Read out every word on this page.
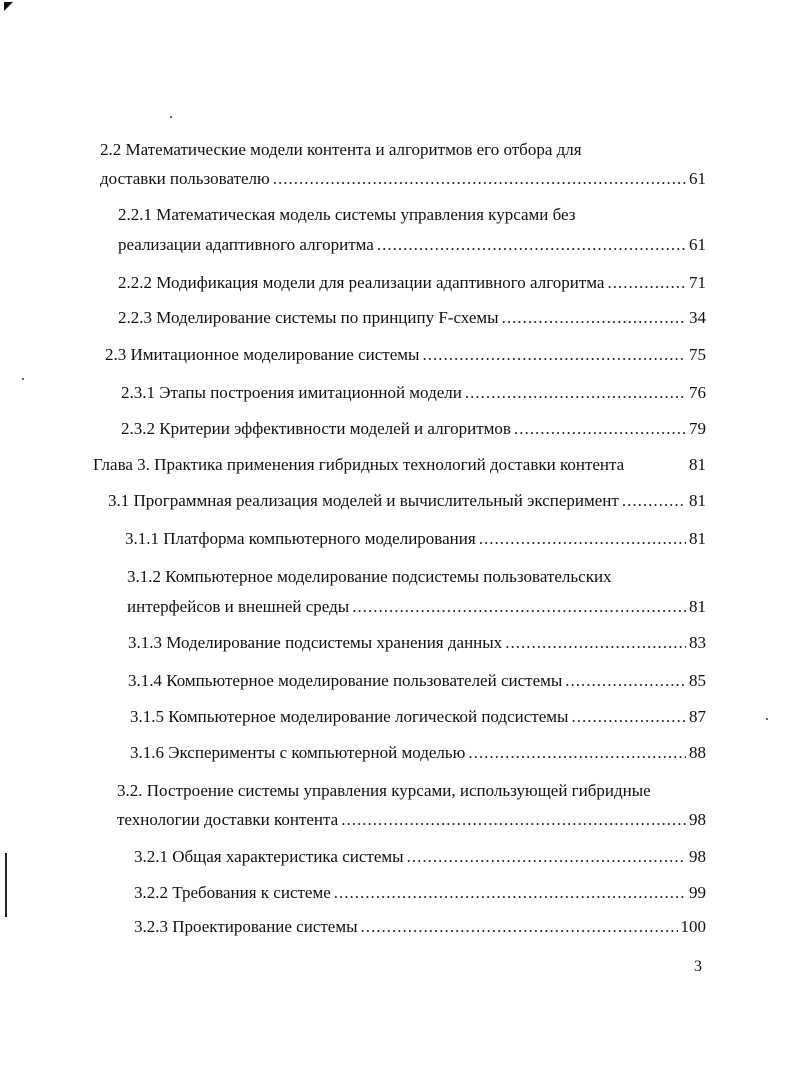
2.2 Математические модели контента и алгоритмов его отбора для
доставки пользователю .....	61
2.2.1 Математическая модель системы управления курсами без
реализации адаптивного алгоритма .....	61
2.2.2 Модификация модели для реализации адаптивного алгоритма .....	71
2.2.3 Моделирование системы по принципу F-схемы .....	34
2.3 Имитационное моделирование системы .....	75
2.3.1 Этапы построения имитационной модели .....	76
2.3.2 Критерии эффективности моделей и алгоритмов .....	79
Глава 3. Практика применения гибридных технологий доставки контента	81
3.1 Программная реализация моделей и вычислительный эксперимент .....	81
3.1.1 Платформа компьютерного моделирования .....	81
3.1.2 Компьютерное моделирование подсистемы пользовательских
интерфейсов и внешней среды .....	81
3.1.3 Моделирование подсистемы хранения данных .....	83
3.1.4 Компьютерное моделирование пользователей системы .....	85
3.1.5 Компьютерное моделирование логической подсистемы .....	87
3.1.6 Эксперименты с компьютерной моделью .....	88
3.2. Построение системы управления курсами, использующей гибридные
технологии доставки контента .....	98
3.2.1 Общая характеристика системы .....	98
3.2.2 Требования к системе .....	99
3.2.3 Проектирование системы .....	100
3
